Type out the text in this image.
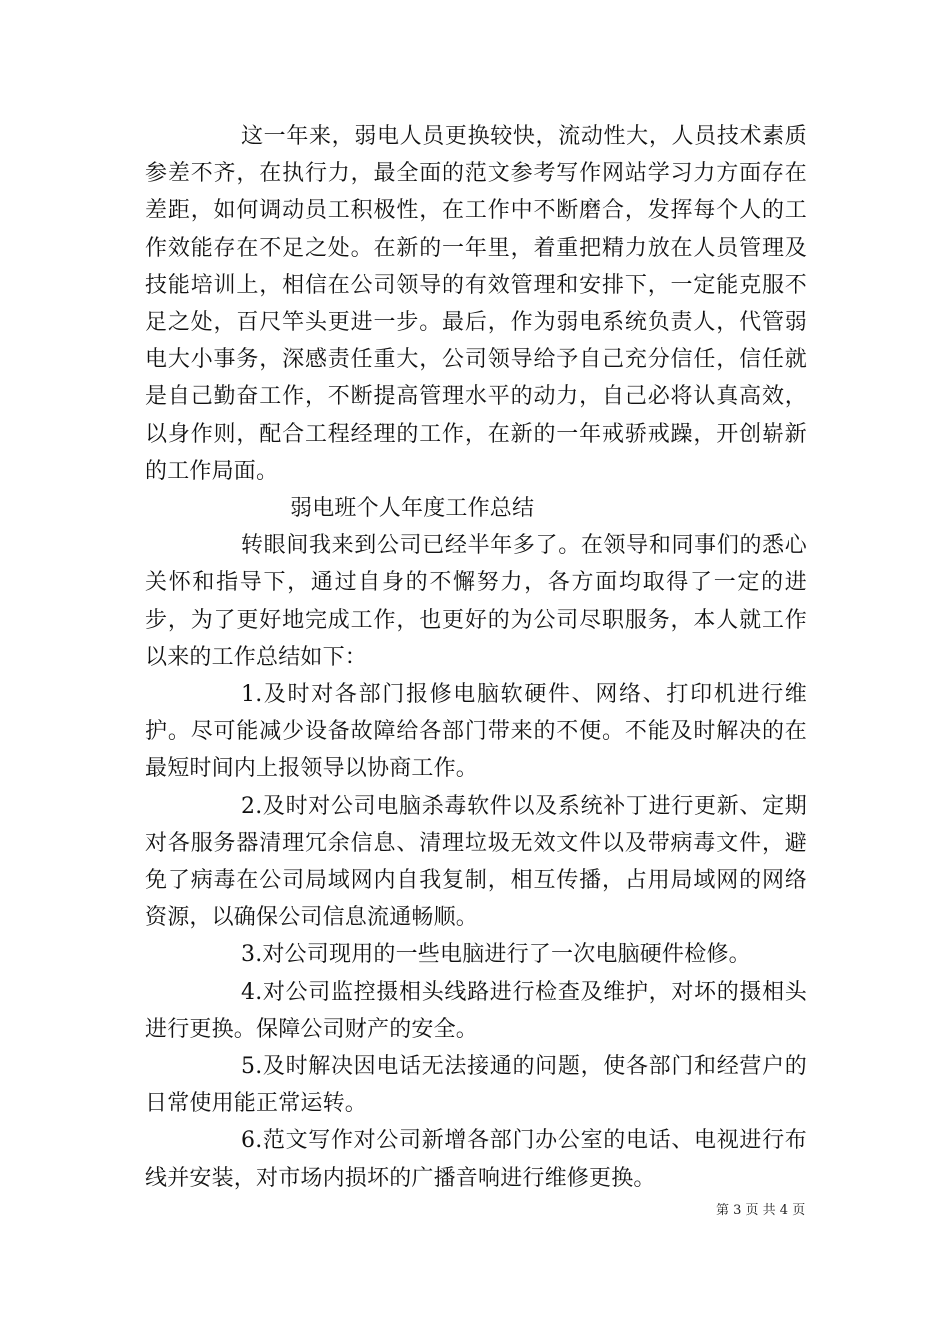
这一年来，弱电人员更换较快，流动性大，人员技术素质参差不齐，在执行力，最全面的范文参考写作网站学习力方面存在差距，如何调动员工积极性，在工作中不断磨合，发挥每个人的工作效能存在不足之处。在新的一年里，着重把精力放在人员管理及技能培训上，相信在公司领导的有效管理和安排下，一定能克服不足之处，百尺竿头更进一步。最后，作为弱电系统负责人，代管弱电大小事务，深感责任重大，公司领导给予自己充分信任，信任就是自己勤奋工作，不断提高管理水平的动力，自己必将认真高效，以身作则，配合工程经理的工作，在新的一年戒骄戒躁，开创崭新的工作局面。

弱电班个人年度工作总结

转眼间我来到公司已经半年多了。在领导和同事们的悉心关怀和指导下，通过自身的不懈努力，各方面均取得了一定的进步，为了更好地完成工作，也更好的为公司尽职服务，本人就工作以来的工作总结如下：

1.及时对各部门报修电脑软硬件、网络、打印机进行维护。尽可能减少设备故障给各部门带来的不便。不能及时解决的在最短时间内上报领导以协商工作。

2.及时对公司电脑杀毒软件以及系统补丁进行更新、定期对各服务器清理冗余信息、清理垃圾无效文件以及带病毒文件，避免了病毒在公司局域网内自我复制，相互传播，占用局域网的网络资源，以确保公司信息流通畅顺。

3.对公司现用的一些电脑进行了一次电脑硬件检修。

4.对公司监控摄相头线路进行检查及维护，对坏的摄相头进行更换。保障公司财产的安全。

5.及时解决因电话无法接通的问题，使各部门和经营户的日常使用能正常运转。

6.范文写作对公司新增各部门办公室的电话、电视进行布线并安装，对市场内损坏的广播音响进行维修更换。

第 3 页 共 4 页
